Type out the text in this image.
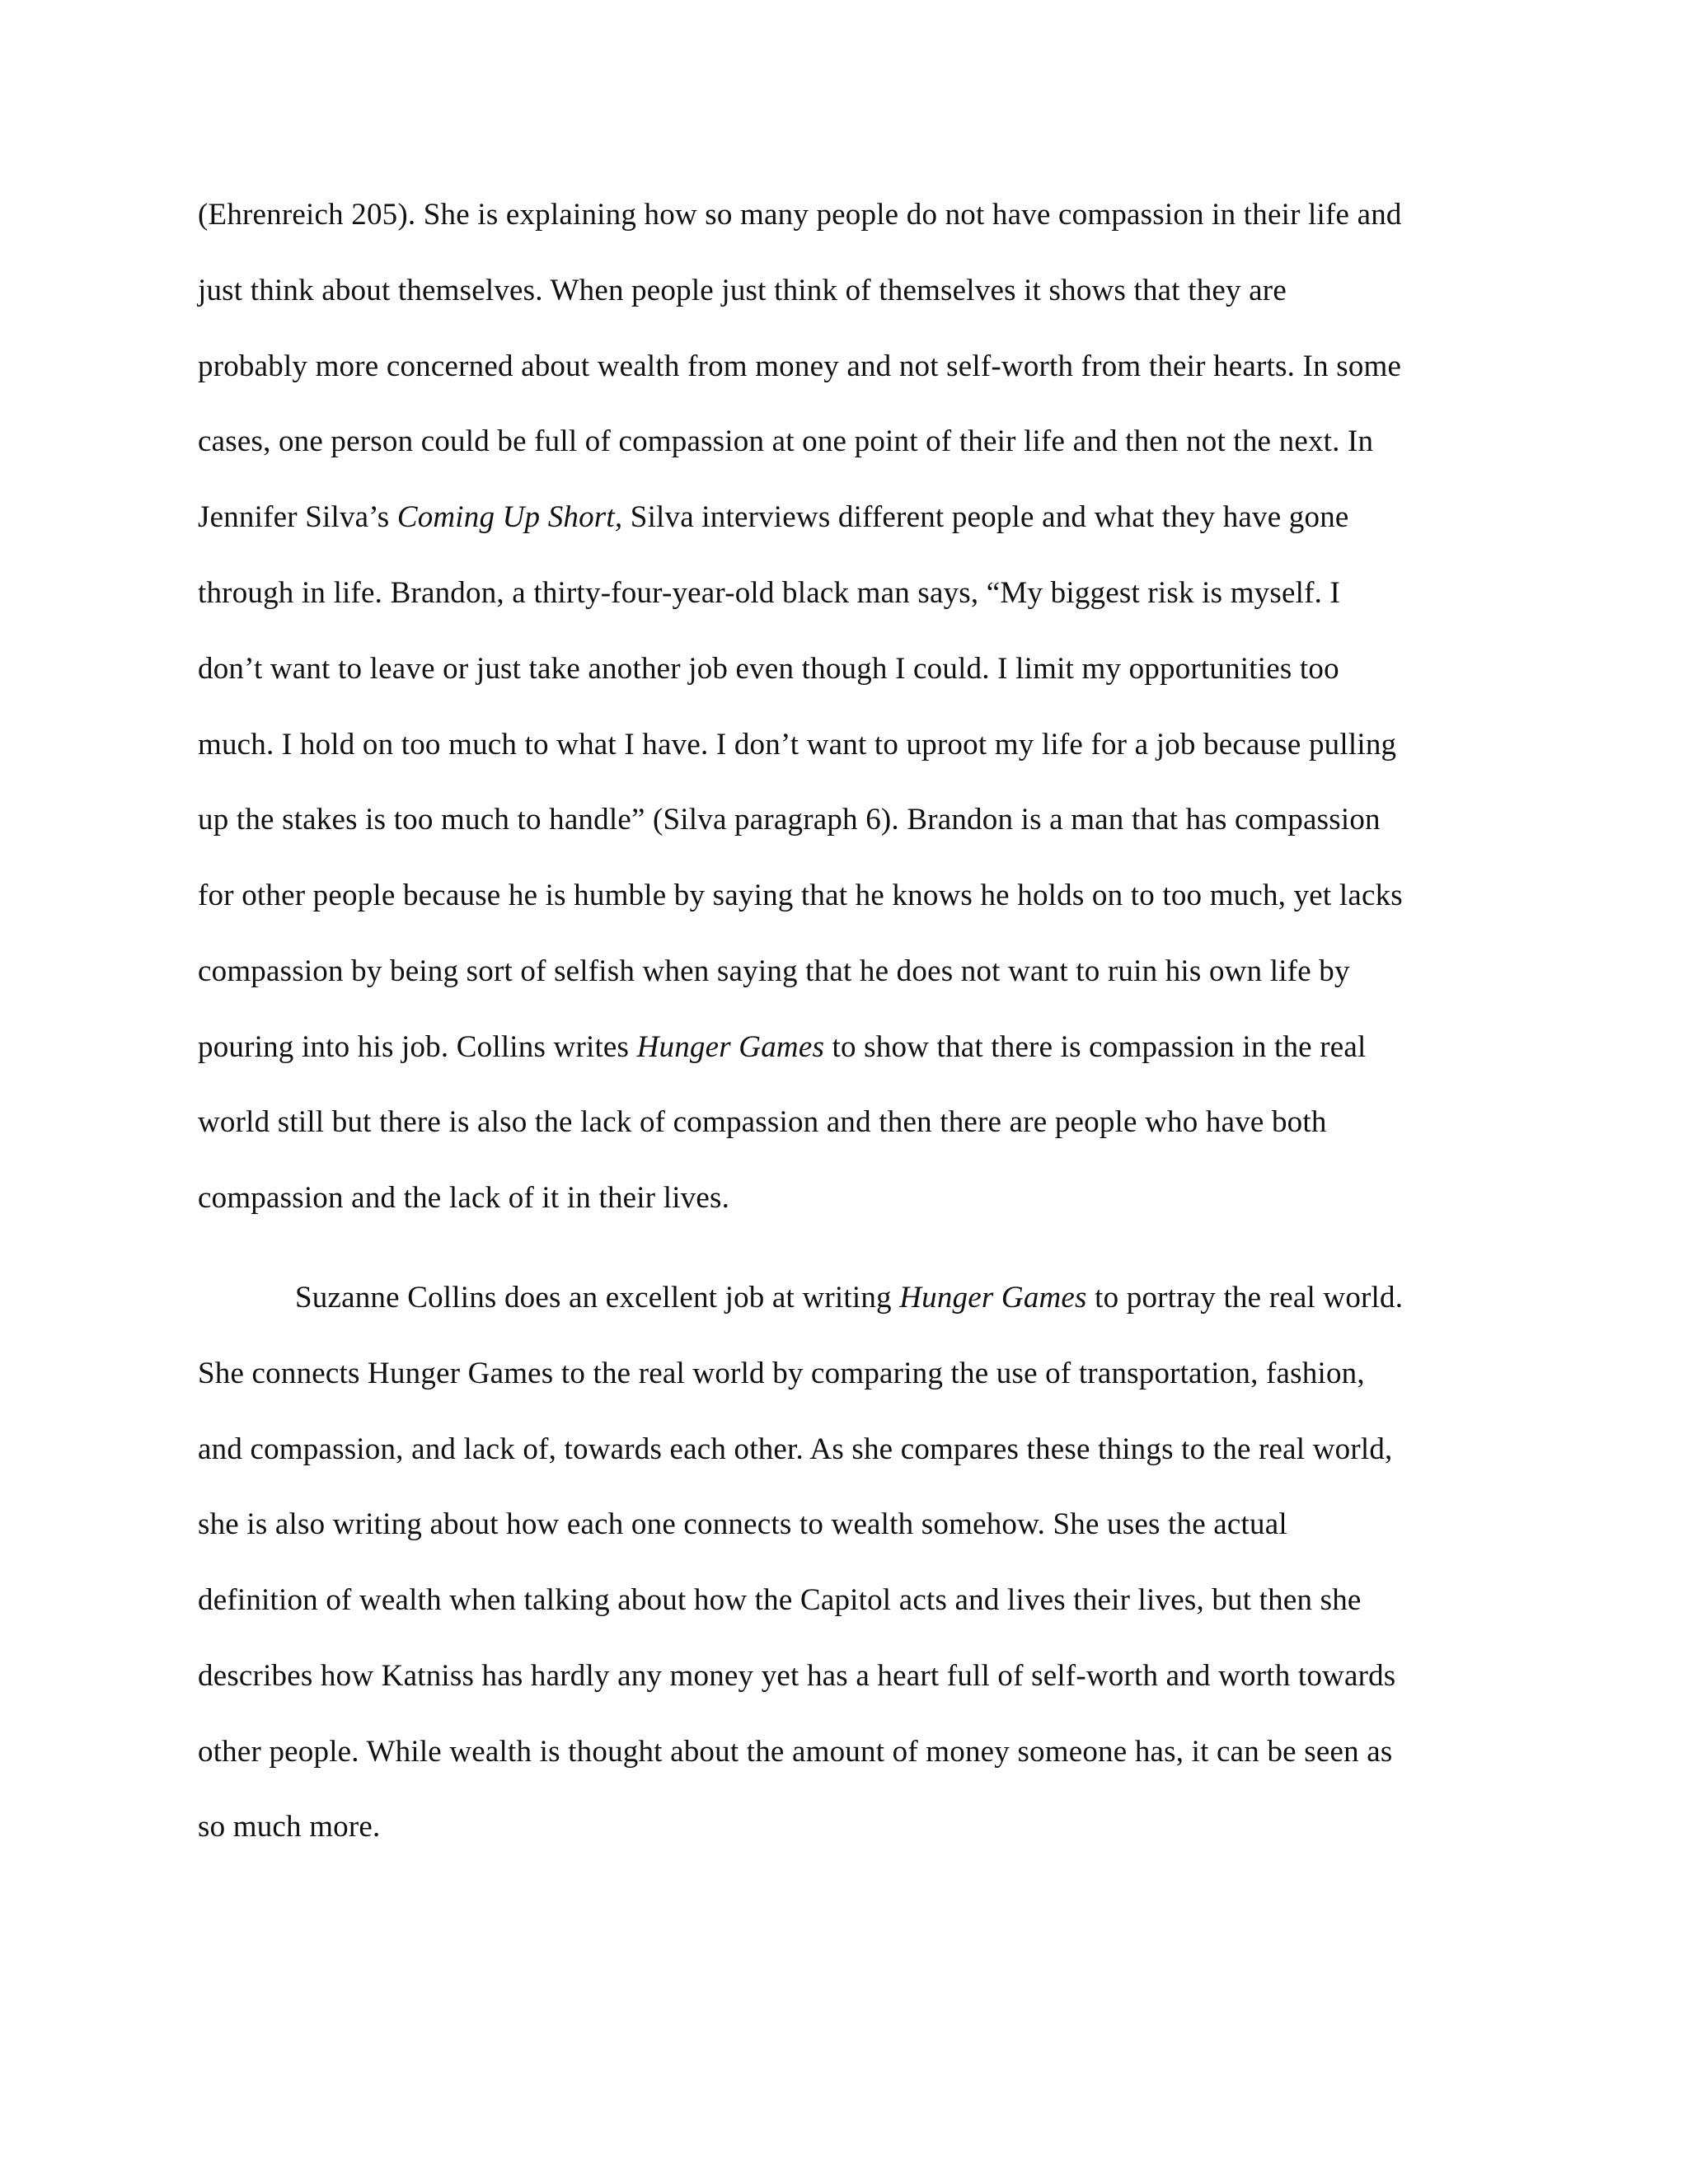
(Ehrenreich 205). She is explaining how so many people do not have compassion in their life and
just think about themselves. When people just think of themselves it shows that they are
probably more concerned about wealth from money and not self-worth from their hearts. In some
cases, one person could be full of compassion at one point of their life and then not the next. In
Jennifer Silva’s Coming Up Short, Silva interviews different people and what they have gone
through in life. Brandon, a thirty-four-year-old black man says, “My biggest risk is myself. I
don’t want to leave or just take another job even though I could. I limit my opportunities too
much. I hold on too much to what I have. I don’t want to uproot my life for a job because pulling
up the stakes is too much to handle” (Silva paragraph 6). Brandon is a man that has compassion
for other people because he is humble by saying that he knows he holds on to too much, yet lacks
compassion by being sort of selfish when saying that he does not want to ruin his own life by
pouring into his job. Collins writes Hunger Games to show that there is compassion in the real
world still but there is also the lack of compassion and then there are people who have both
compassion and the lack of it in their lives.
Suzanne Collins does an excellent job at writing Hunger Games to portray the real world.
She connects Hunger Games to the real world by comparing the use of transportation, fashion,
and compassion, and lack of, towards each other. As she compares these things to the real world,
she is also writing about how each one connects to wealth somehow. She uses the actual
definition of wealth when talking about how the Capitol acts and lives their lives, but then she
describes how Katniss has hardly any money yet has a heart full of self-worth and worth towards
other people. While wealth is thought about the amount of money someone has, it can be seen as
so much more.
